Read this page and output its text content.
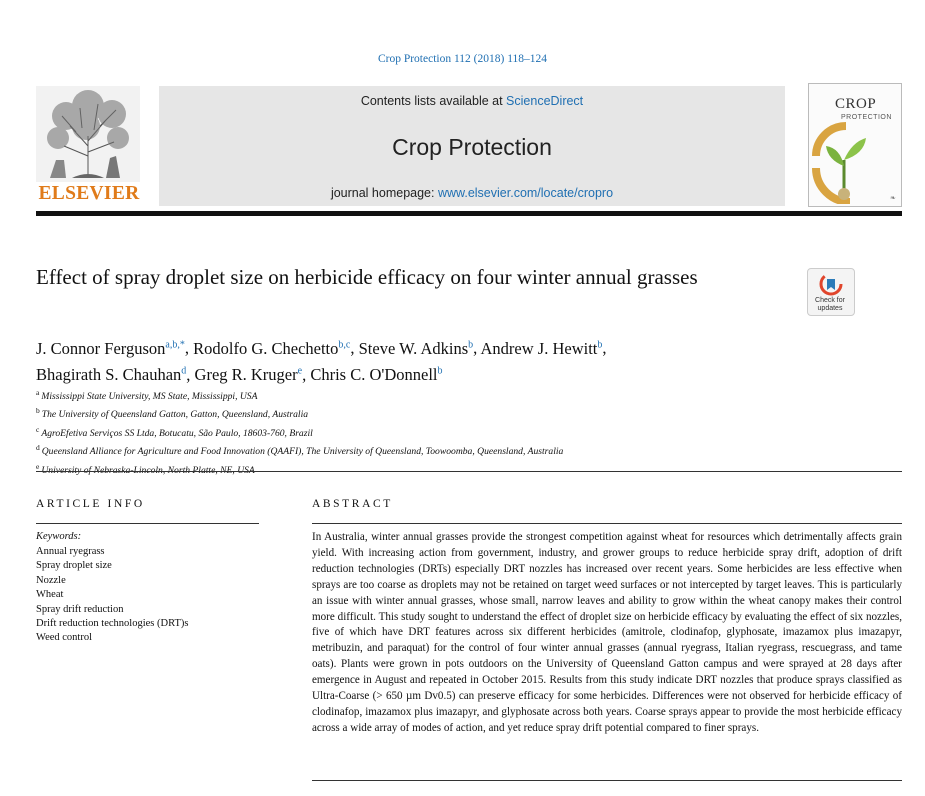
Crop Protection 112 (2018) 118–124
ELSEVIER
Contents lists available at ScienceDirect
Crop Protection
journal homepage: www.elsevier.com/locate/cropro	❧
CROP
PROTECTION
Effect of spray droplet size on herbicide efficacy on four winter annual grasses
Check for
updates
J. Connor Ferguson$^{a,b,*}$, Rodolfo G. Chechetto$^{b,c}$, Steve W. Adkins$^b$, Andrew J. Hewitt$^b$,
Bhagirath S. Chauhan$^d$, Greg R. Kruger$^e$, Chris C. O'Donnell$^b$
$^a$ Mississippi State University, MS State, Mississippi, USA
$^b$ The University of Queensland Gatton, Gatton, Queensland, Australia
$^c$ AgroEfetiva Serviços SS Ltda, Botucatu, São Paulo, 18603-760, Brazil
$^d$ Queensland Alliance for Agriculture and Food Innovation (QAAFI), The University of Queensland, Toowoomba, Queensland, Australia
$^e$
ARTICLE INFO
Keywords:
Annual ryegrass
Spray droplet size
Nozzle
Wheat
Spray drift reduction
Drift reduction technologies (DRT)s
Weed control
ABSTRACT
In Australia, winter annual grasses provide the strongest competition against wheat for resources which detrimentally affects grain yield. With increasing action from government, industry, and grower groups to reduce herbicide spray drift, adoption of drift reduction technologies (DRTs) especially DRT nozzles has increased over recent years. Some herbicides are less effective when sprays are too coarse as droplets may not be retained on target weed surfaces or not intercepted by target leaves. This is particularly an issue with winter annual grasses, whose small, narrow leaves and ability to grow within the wheat canopy makes their control more difficult. This study sought to understand the effect of droplet size on herbicide efficacy by evaluating the effect of six nozzles, five of which have DRT features across six different herbicides (amitrole, clodinafop, glyphosate, imazamox plus imazapyr, metribuzin, and paraquat) for the control of four winter annual grasses (annual ryegrass, Italian ryegrass, rescuegrass, and tame oats). Plants were grown in pots outdoors on the University of Queensland Gatton campus and were sprayed at 28 days after emergence in August and repeated in October 2015. Results from this study indicate DRT nozzles that produce sprays classified as Ultra-Coarse (> 650 µm Dv0.5) can preserve efficacy for some herbicides. Differences were not observed for herbicide efficacy of clodinafop, imazamox plus imazapyr, and glyphosate across both years. Coarse sprays appear to provide the most herbicide efficacy across a wide array of modes of action, and yet reduce spray drift potential compared to finer sprays.
